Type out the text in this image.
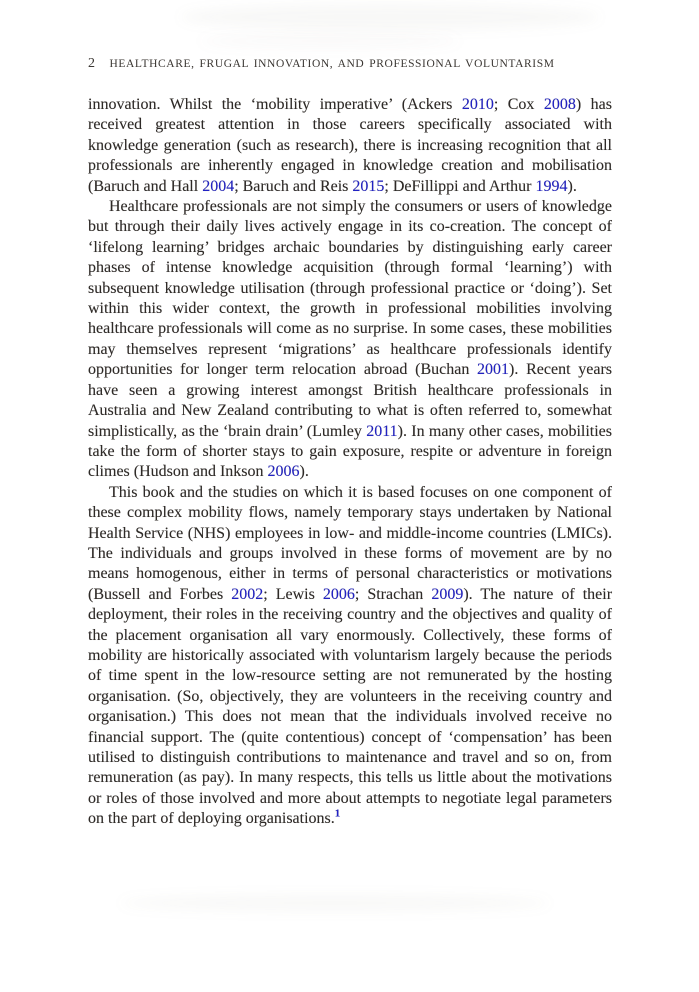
2 HEALTHCARE, FRUGAL INNOVATION, AND PROFESSIONAL VOLUNTARISM

innovation. Whilst the ‘mobility imperative’ (Ackers 2010; Cox 2008) has received greatest attention in those careers specifically associated with knowledge generation (such as research), there is increasing recognition that all professionals are inherently engaged in knowledge creation and mobilisation (Baruch and Hall 2004; Baruch and Reis 2015; DeFillippi and Arthur 1994).

Healthcare professionals are not simply the consumers or users of knowledge but through their daily lives actively engage in its co-creation. The concept of ‘lifelong learning’ bridges archaic boundaries by distinguishing early career phases of intense knowledge acquisition (through formal ‘learning’) with subsequent knowledge utilisation (through professional practice or ‘doing’). Set within this wider context, the growth in professional mobilities involving healthcare professionals will come as no surprise. In some cases, these mobilities may themselves represent ‘migrations’ as healthcare professionals identify opportunities for longer term relocation abroad (Buchan 2001). Recent years have seen a growing interest amongst British healthcare professionals in Australia and New Zealand contributing to what is often referred to, somewhat simplistically, as the ‘brain drain’ (Lumley 2011). In many other cases, mobilities take the form of shorter stays to gain exposure, respite or adventure in foreign climes (Hudson and Inkson 2006).

This book and the studies on which it is based focuses on one component of these complex mobility flows, namely temporary stays undertaken by National Health Service (NHS) employees in low- and middle-income countries (LMICs). The individuals and groups involved in these forms of movement are by no means homogenous, either in terms of personal characteristics or motivations (Bussell and Forbes 2002; Lewis 2006; Strachan 2009). The nature of their deployment, their roles in the receiving country and the objectives and quality of the placement organisation all vary enormously. Collectively, these forms of mobility are historically associated with voluntarism largely because the periods of time spent in the low-resource setting are not remunerated by the hosting organisation. (So, objectively, they are volunteers in the receiving country and organisation.) This does not mean that the individuals involved receive no financial support. The (quite contentious) concept of ‘compensation’ has been utilised to distinguish contributions to maintenance and travel and so on, from remuneration (as pay). In many respects, this tells us little about the motivations or roles of those involved and more about attempts to negotiate legal parameters on the part of deploying organisations.$^1$
